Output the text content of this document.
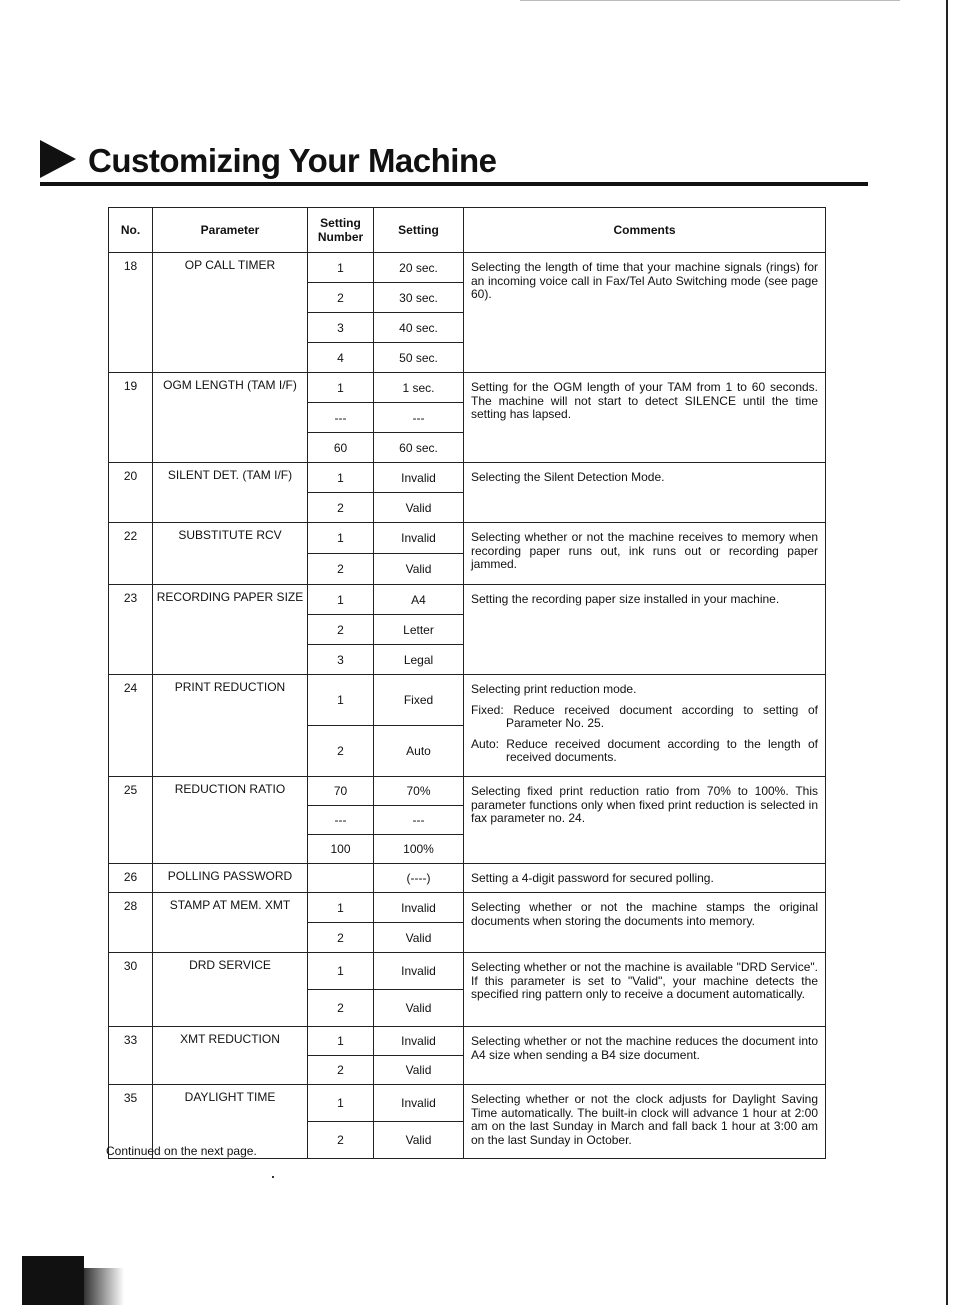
Customizing Your Machine
No.	Parameter	Setting Number	Setting	Comments
18	OP CALL TIMER	1	20 sec.	Selecting the length of time that your machine signals (rings) for an incoming voice call in Fax/Tel Auto Switching mode (see page 60).

		2	30 sec.	
		3	40 sec.	
		4	50 sec.	
19	OGM LENGTH (TAM I/F)	1	1 sec.	Setting for the OGM length of your TAM from 1 to 60 seconds. The machine will not start to detect SILENCE until the time setting has lapsed.

		---	---	
		60	60 sec.	
20	SILENT DET. (TAM I/F)	1	Invalid	Selecting the Silent Detection Mode.

		2	Valid	
22	SUBSTITUTE RCV	1	Invalid	Selecting whether or not the machine receives to memory when recording paper runs out, ink runs out or recording paper jammed.

		2	Valid	
23	RECORDING PAPER SIZE	1	A4	Setting the recording paper size installed in your machine.

		2	Letter	
		3	Legal	
24	PRINT REDUCTION	1	Fixed	Selecting print reduction mode.
Fixed: Reduce received document according to setting of Parameter No. 25.
Auto: Reduce received document according to the length of received documents.

		2	Auto	
25	REDUCTION RATIO	70	70%	Selecting fixed print reduction ratio from 70% to 100%. This parameter functions only when fixed print reduction is selected in fax parameter no. 24.

		---	---	
		100	100%	
26	POLLING PASSWORD		(----)	Setting a 4-digit password for secured polling.

28	STAMP AT MEM. XMT	1	Invalid	Selecting whether or not the machine stamps the original documents when storing the documents into memory.

		2	Valid	
30	DRD SERVICE	1	Invalid	Selecting whether or not the machine is available "DRD Service". If this parameter is set to "Valid", your machine detects the specified ring pattern only to receive a document automatically.

		2	Valid	
33	XMT REDUCTION	1	Invalid	Selecting whether or not the machine reduces the document into A4 size when sending a B4 size document.

		2	Valid	
35	DAYLIGHT TIME	1	Invalid	Selecting whether or not the clock adjusts for Daylight Saving Time automatically. The built-in clock will advance 1 hour at 2:00 am on the last Sunday in March and fall back 1 hour at 3:00 am on the last Sunday in October.

		2	Valid	
Continued on the next page.
